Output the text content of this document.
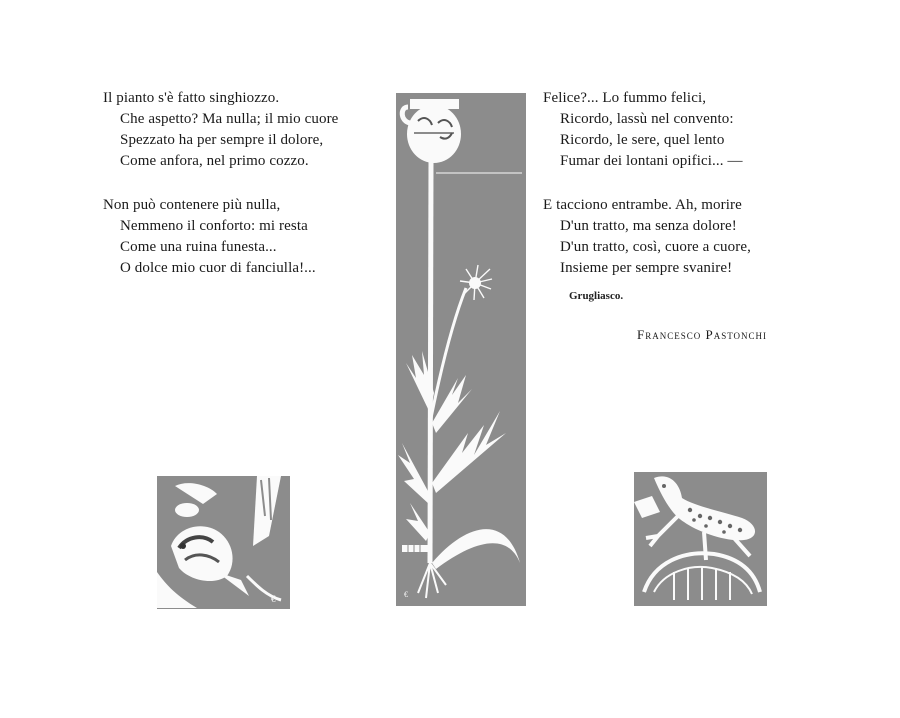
Il pianto s'è fatto singhiozzo.
Che aspetto? Ma nulla; il mio cuore
Spezzato ha per sempre il dolore,
Come anfora, nel primo cozzo.
Non può contenere più nulla,
Nemmeno il conforto: mi resta
Come una ruina funesta...
O dolce mio cuor di fanciulla!...
Felice?... Lo fummo felici,
Ricordo, lassù nel convento:
Ricordo, le sere, quel lento
Fumar dei lontani opifici... —
E tacciono entrambe. Ah, morire
D'un tratto, ma senza dolore!
D'un tratto, così, cuore a cuore,
Insieme per sempre svanire!
Grugliasco.
Francesco Pastonchi
€
€
